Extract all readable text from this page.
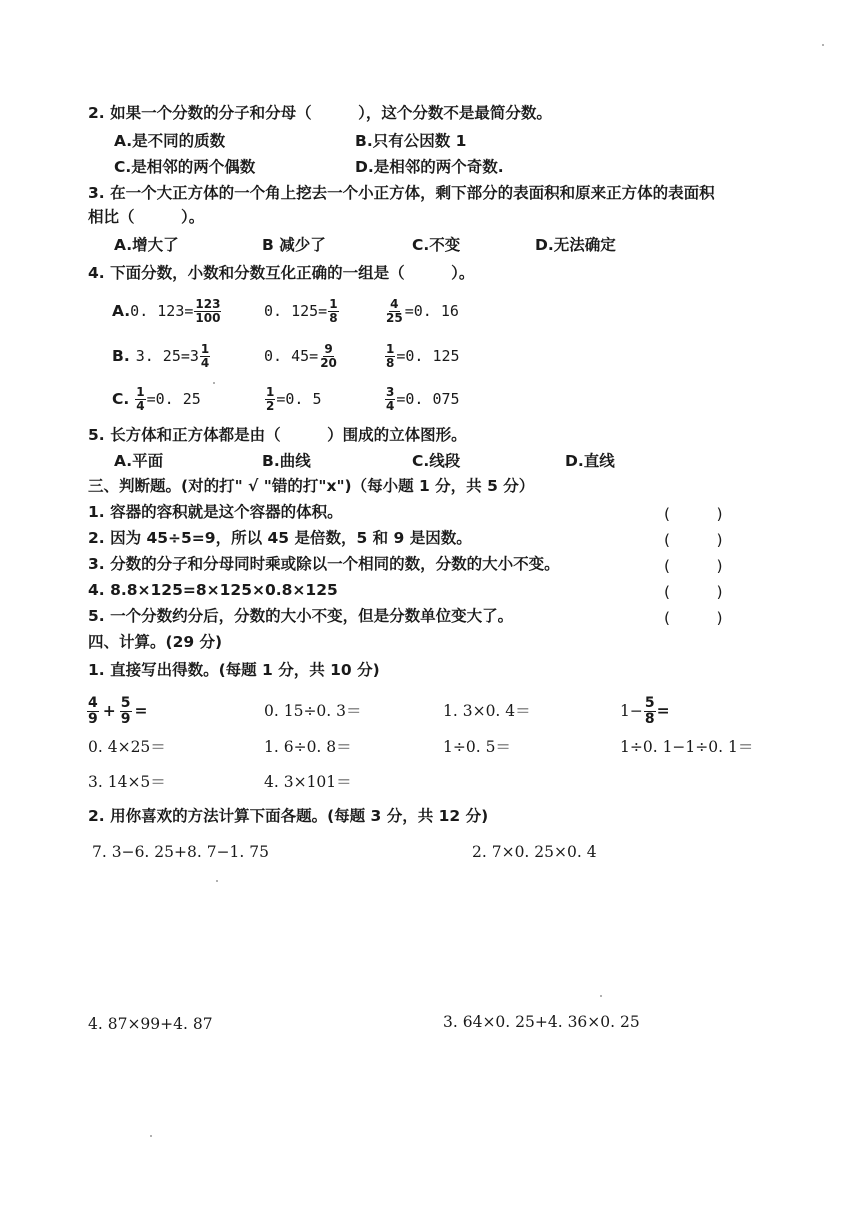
2. 如果一个分数的分子和分母（　　　），这个分数不是最简分数。
A.是不同的质数	B.只有公因数 1
C.是相邻的两个偶数	D.是相邻的两个奇数.
3. 在一个大正方体的一个角上挖去一个小正方体，剩下部分的表面积和原来正方体的表面积
相比（　　　）。
A.增大了	B 减少了	C.不变	D.无法确定
4. 下面分数，小数和分数互化正确的一组是（　　　）。
A. 0. $123= \frac{123}{100}$	0. $125= \frac{1}{8}$	$\frac{4}{25} =0$. 16
B. 3. $25=3 \frac{1}{4}$	0. $45= \frac{9}{20}$	$\frac{1}{8} =0$. 125
C. $\frac{1}{4} =0$. 25	$\frac{1}{2} =0$. 5	$\frac{3}{4} =0$. 075
5. 长方体和正方体都是由（　　　）围成的立体图形。
A.平面	B.曲线	C.线段	D.直线
三、判断题。(对的打" √ "错的打"x")（每小题 1 分，共 5 分）
1. 容器的容积就是这个容器的体积。	(　　　)
2. 因为 45÷5=9，所以 45 是倍数，5 和 9 是因数。	(　　　)
3. 分数的分子和分母同时乘或除以一个相同的数，分数的大小不变。	(　　　)
4. 8.8×125=8×125×0.8×125	(　　　)
5. 一个分数约分后，分数的大小不变，但是分数单位变大了。	(　　　)
四、计算。(29 分)
1. 直接写出得数。(每题 1 分，共 10 分)
$\frac{4}{9} + \frac{5}{9}$ =	0. 15÷0. 3＝	1. 3×0. 4＝	$1- \frac{5}{8}$ =
0. 4×25＝	1. 6÷0. 8＝	1÷0. 5＝	1÷0. 1−1÷0. 1＝
3. 14×5＝	4. 3×101＝
2. 用你喜欢的方法计算下面各题。(每题 3 分，共 12 分)
7. 3−6. 25+8. 7−1. 75	2. 7×0. 25×0. 4
4. 87×99+4. 87	3. 64×0. 25+4. 36×0. 25
